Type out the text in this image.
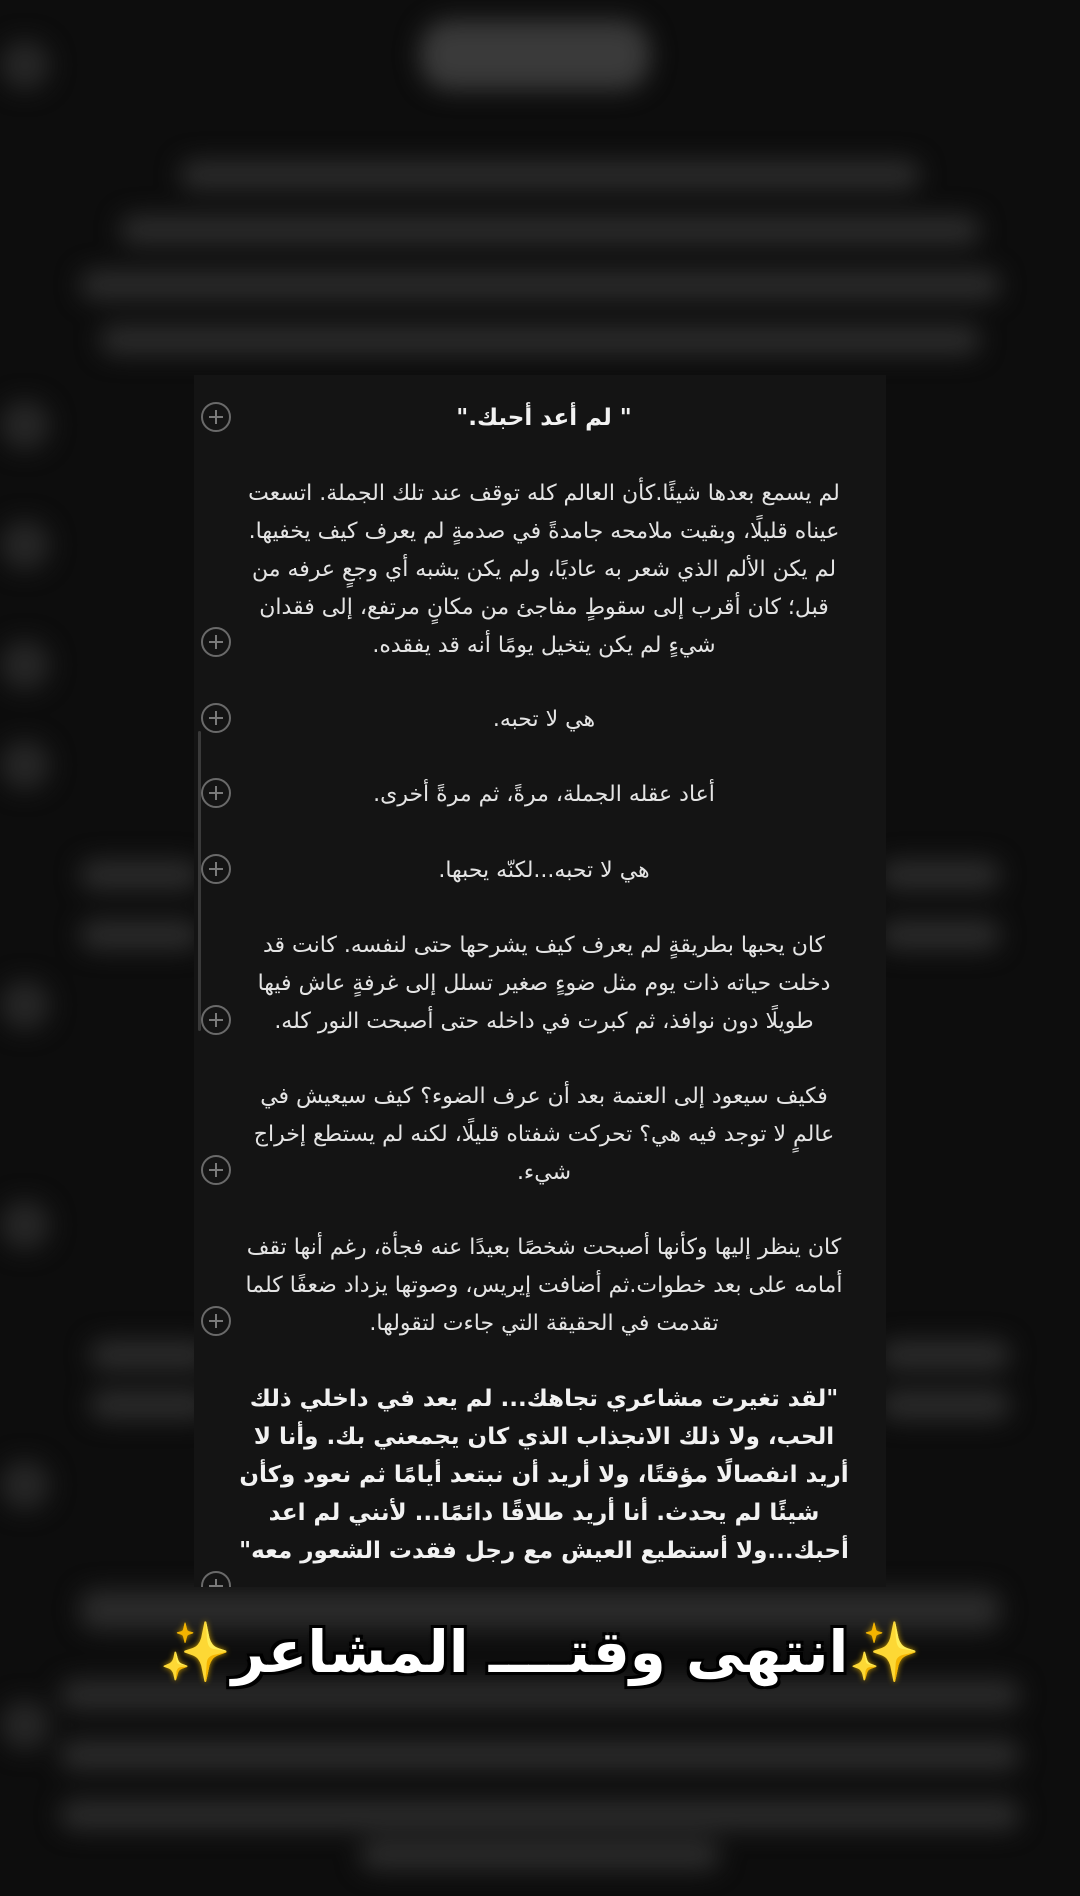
" لم أعد أحبك."

لم يسمع بعدها شيئًا.كأن العالم كله توقف عند تلك الجملة. اتسعت عيناه قليلًا، وبقيت ملامحه جامدةً في صدمةٍ لم يعرف كيف يخفيها. لم يكن الألم الذي شعر به عاديًا، ولم يكن يشبه أي وجعٍ عرفه من قبل؛ كان أقرب إلى سقوطٍ مفاجئ من مكانٍ مرتفع، إلى فقدان شيءٍ لم يكن يتخيل يومًا أنه قد يفقده.

هي لا تحبه.

أعاد عقله الجملة، مرةً، ثم مرةً أخرى.

هي لا تحبه...لكنّه يحبها.

كان يحبها بطريقةٍ لم يعرف كيف يشرحها حتى لنفسه. كانت قد دخلت حياته ذات يوم مثل ضوءٍ صغير تسلل إلى غرفةٍ عاش فيها طويلًا دون نوافذ، ثم كبرت في داخله حتى أصبحت النور كله.

فكيف سيعود إلى العتمة بعد أن عرف الضوء؟ كيف سيعيش في عالمٍ لا توجد فيه هي؟ تحركت شفتاه قليلًا، لكنه لم يستطع إخراج شيء.

كان ينظر إليها وكأنها أصبحت شخصًا بعيدًا عنه فجأة، رغم أنها تقف أمامه على بعد خطوات.ثم أضافت إيريس، وصوتها يزداد ضعفًا كلما تقدمت في الحقيقة التي جاءت لتقولها.

"لقد تغيرت مشاعري تجاهك... لم يعد في داخلي ذلك الحب، ولا ذلك الانجذاب الذي كان يجمعني بك. وأنا لا أريد انفصالًا مؤقتًا، ولا أريد أن نبتعد أيامًا ثم نعود وكأن شيئًا لم يحدث. أنا أريد طلاقًا دائمًا... لأنني لم اعد أحبك...ولا أستطيع العيش مع رجل فقدت الشعور معه"

✨انتهى وقتــــ المشاعر✨
